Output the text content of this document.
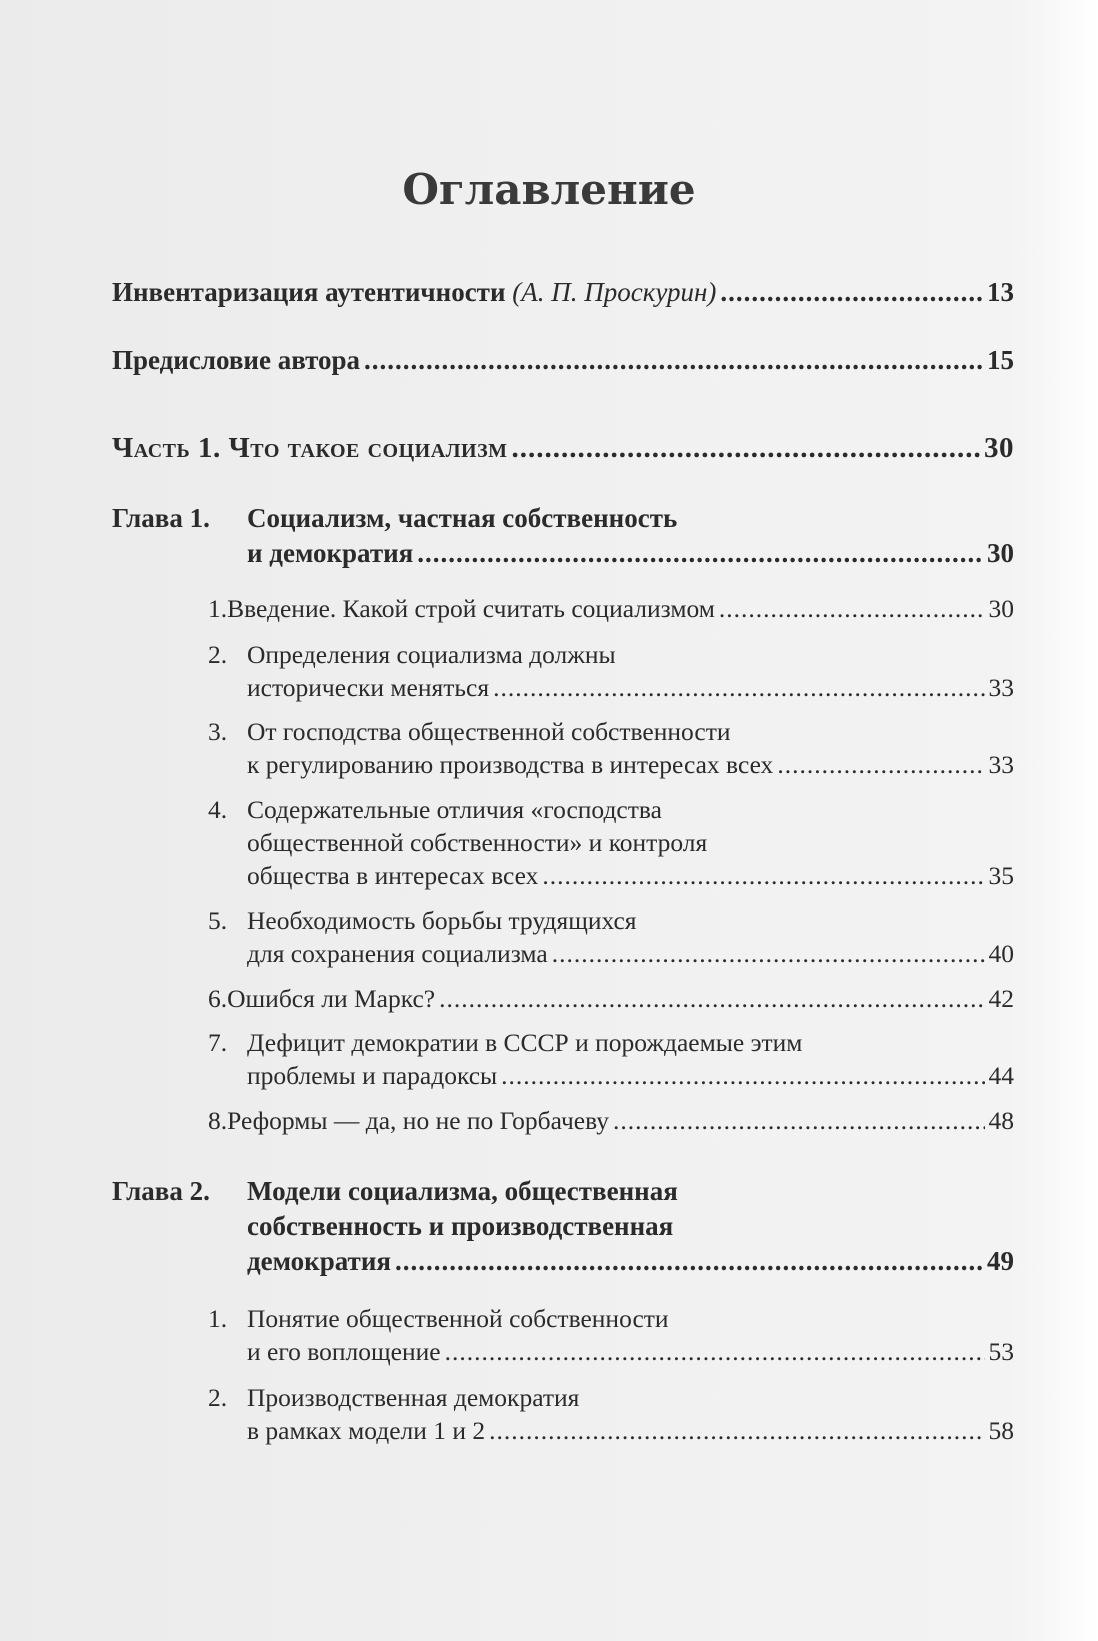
Оглавление
Инвентаризация аутентичности (А. П. Проскурин) .....	13
Предисловие автора .....	15
Часть 1. Что такое социализм .....	30
Глава 1.	Социализм, частная собственность
и демократия .....	30
1. Введение. Какой строй считать социализмом .....	30
2. Определения социализма должны
исторически меняться .....	33
3. От господства общественной собственности
к регулированию производства в интересах всех .....	33
4. Содержательные отличия «господства
общественной собственности» и контроля
общества в интересах всех .....	35
5. Необходимость борьбы трудящихся
для сохранения социализма .....	40
6. Ошибся ли Маркс? .....	42
7. Дефицит демократии в СССР и порождаемые этим
проблемы и парадоксы .....	44
8. Реформы — да, но не по Горбачеву .....	48
Глава 2.	Модели социализма, общественная
собственность и производственная
демократия .....	49
1. Понятие общественной собственности
и его воплощение .....	53
2. Производственная демократия
в рамках модели 1 и 2 .....	58
